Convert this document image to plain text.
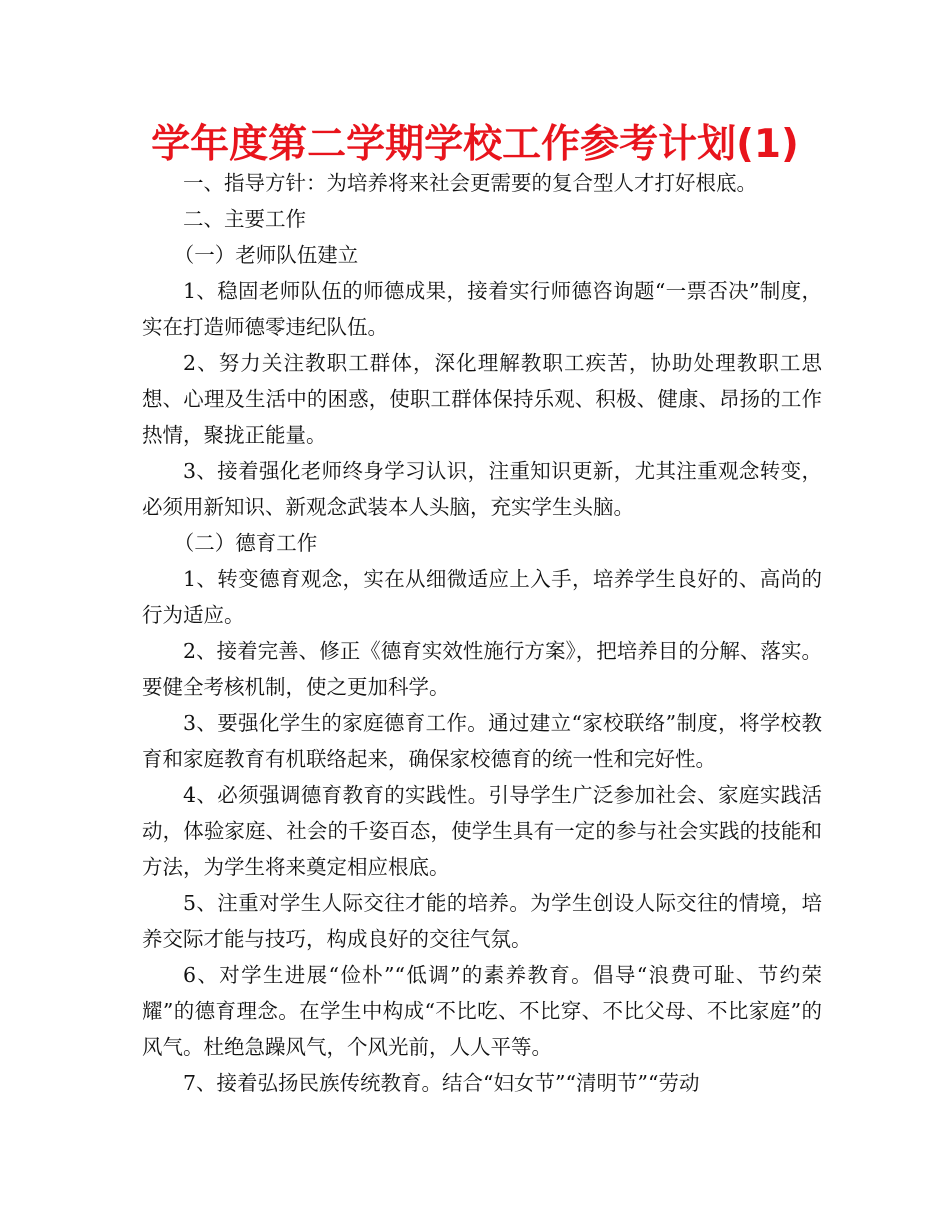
学年度第二学期学校工作参考计划(1)

一、指导方针：为培养将来社会更需要的复合型人才打好根底。

二、主要工作

（一）老师队伍建立

1、稳固老师队伍的师德成果，接着实行师德咨询题“一票否决”制度，实在打造师德零违纪队伍。

2、努力关注教职工群体，深化理解教职工疾苦，协助处理教职工思想、心理及生活中的困惑，使职工群体保持乐观、积极、健康、昂扬的工作热情，聚拢正能量。

3、接着强化老师终身学习认识，注重知识更新，尤其注重观念转变，必须用新知识、新观念武装本人头脑，充实学生头脑。

（二）德育工作

1、转变德育观念，实在从细微适应上入手，培养学生良好的、高尚的行为适应。

2、接着完善、修正《德育实效性施行方案》，把培养目的分解、落实。要健全考核机制，使之更加科学。

3、要强化学生的家庭德育工作。通过建立“家校联络”制度，将学校教育和家庭教育有机联络起来，确保家校德育的统一性和完好性。

4、必须强调德育教育的实践性。引导学生广泛参加社会、家庭实践活动，体验家庭、社会的千姿百态，使学生具有一定的参与社会实践的技能和方法，为学生将来奠定相应根底。

5、注重对学生人际交往才能的培养。为学生创设人际交往的情境，培养交际才能与技巧，构成良好的交往气氛。

6、对学生进展“俭朴”“低调”的素养教育。倡导“浪费可耻、节约荣耀”的德育理念。在学生中构成“不比吃、不比穿、不比父母、不比家庭”的风气。杜绝急躁风气，个风光前，人人平等。

7、接着弘扬民族传统教育。结合“妇女节”“清明节”“劳动
